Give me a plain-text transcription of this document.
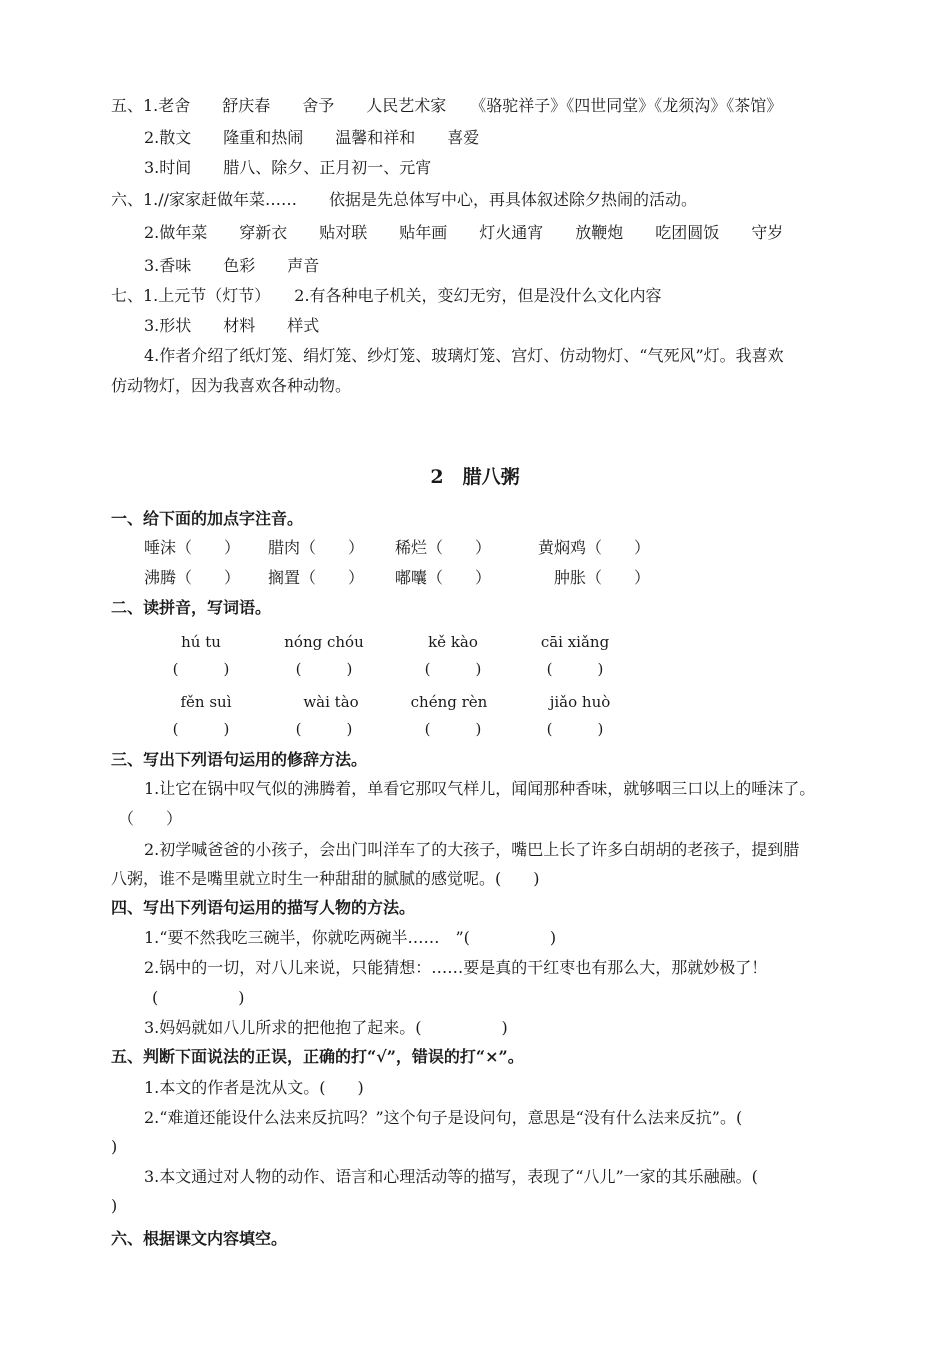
五、1.老舍　　舒庆春　　舍予　　人民艺术家　　《骆驼祥子》《四世同堂》《龙须沟》《茶馆》
2.散文　　隆重和热闹　　温馨和祥和　　喜爱
3.时间　　腊八、除夕、正月初一、元宵
六、1.//家家赶做年菜……　　依据是先总体写中心，再具体叙述除夕热闹的活动。
2.做年菜　　穿新衣　　贴对联　　贴年画　　灯火通宵　　放鞭炮　　吃团圆饭　　守岁
3.香味　　色彩　　声音
七、1.上元节（灯节）　　2.有各种电子机关，变幻无穷，但是没什么文化内容
3.形状　　材料　　样式
4.作者介绍了纸灯笼、绢灯笼、纱灯笼、玻璃灯笼、宫灯、仿动物灯、“气死风”灯。我喜欢
仿动物灯，因为我喜欢各种动物。
2　腊八粥
一、给下面的加点字注音。
唾沫（　　） 腊肉（　　） 稀烂（　　）	黄焖鸡（　　）
沸腾（　　） 搁置（　　） 嘟囔（　　）	肿胀（　　）
二、读拼音，写词语。
hú tu	nóng chóu	kě kào	cāi xiǎng
(　　　)	(　　　)	(　　　)	(　　　)
fěn suì	wài tào	chéng rèn	jiǎo huò
(　　　)	(　　　)	(　　　)	(　　　)
三、写出下列语句运用的修辞方法。
1.让它在锅中叹气似的沸腾着，单看它那叹气样儿，闻闻那种香味，就够咽三口以上的唾沫了。
（　　）
2.初学喊爸爸的小孩子，会出门叫洋车了的大孩子，嘴巴上长了许多白胡胡的老孩子，提到腊
八粥，谁不是嘴里就立时生一种甜甜的腻腻的感觉呢。(　　)
四、写出下列语句运用的描写人物的方法。
1.“要不然我吃三碗半，你就吃两碗半……　”(　　　　　)
2.锅中的一切，对八儿来说，只能猜想：……要是真的干红枣也有那么大，那就妙极了！
(　　　　　)
3.妈妈就如八儿所求的把他抱了起来。(　　　　　)
五、判断下面说法的正误，正确的打“√”，错误的打“×”。
1.本文的作者是沈从文。(　　)
2.“难道还能设什么法来反抗吗？”这个句子是设问句，意思是“没有什么法来反抗”。(
)
3.本文通过对人物的动作、语言和心理活动等的描写，表现了“八儿”一家的其乐融融。(
)
六、根据课文内容填空。
